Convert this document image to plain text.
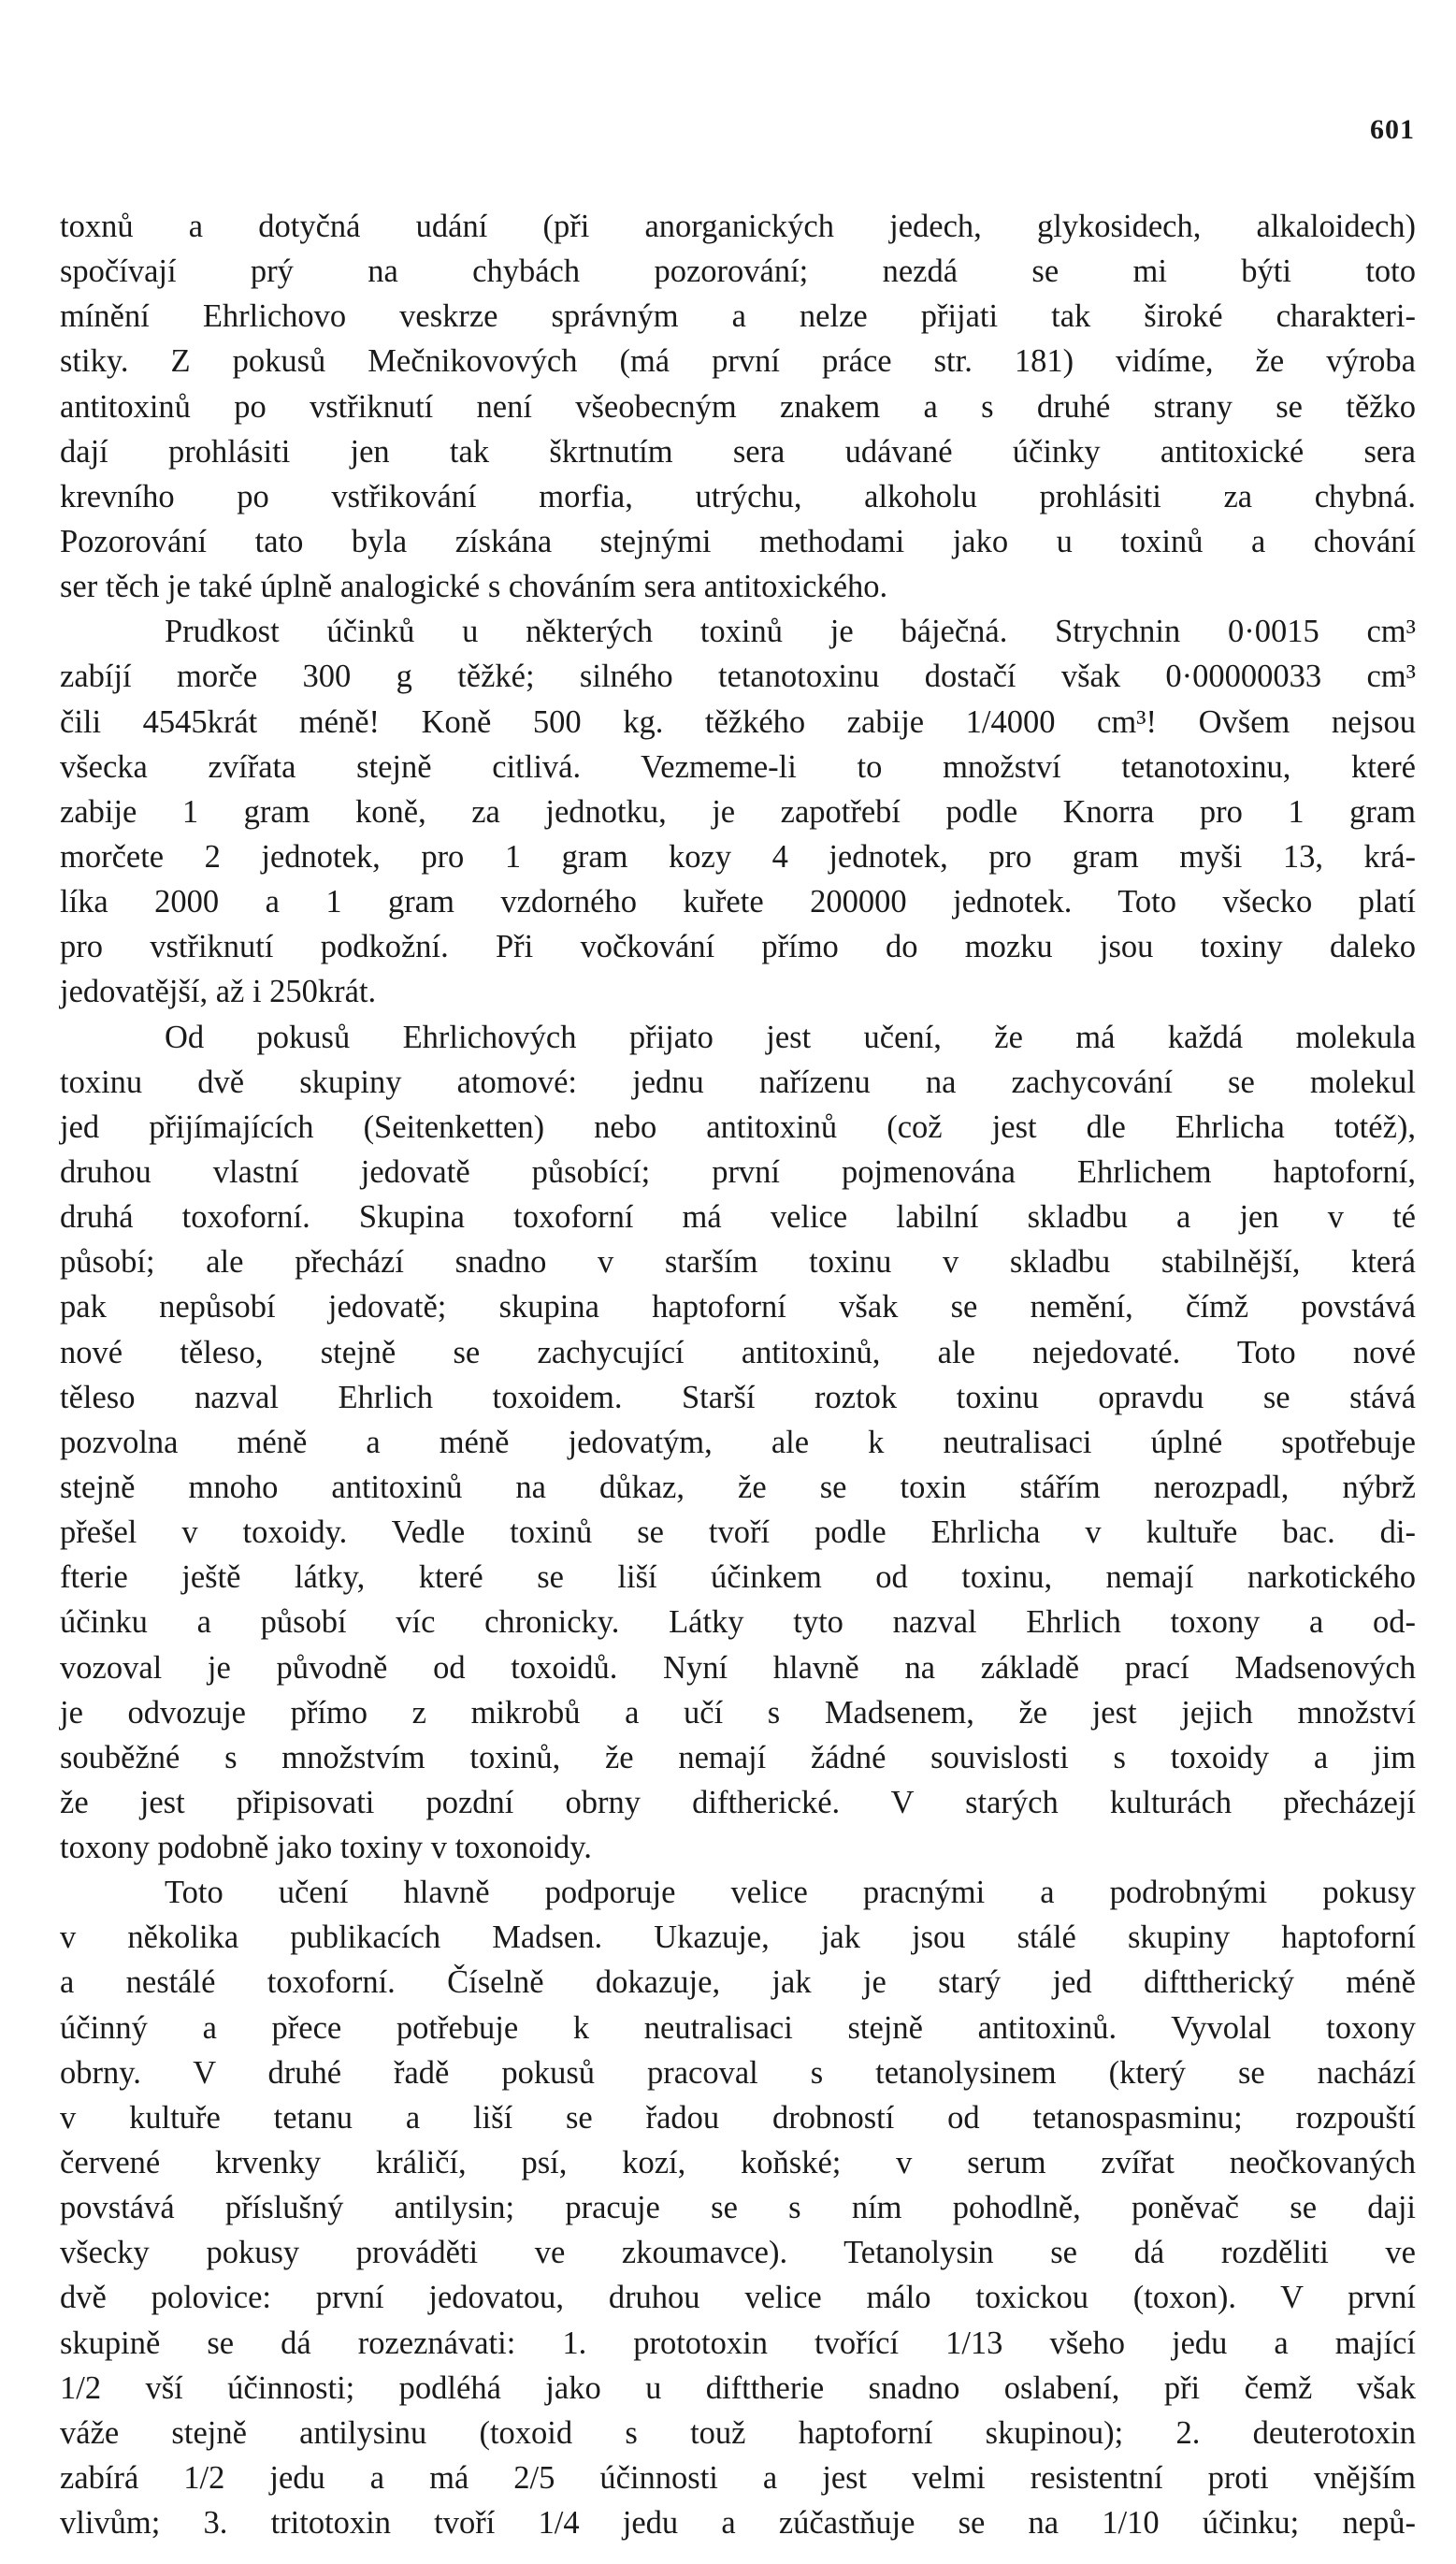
601
toxnů a dotyčná udání (při anorganických jedech, glykosidech, alkaloidech)
spočívají prý na chybách pozorování; nezdá se mi býti toto
mínění Ehrlichovo veskrze správným a nelze přijati tak široké charakteri-
stiky. Z pokusů Mečnikovových (má první práce str. 181) vidíme, že výroba
antitoxinů po vstřiknutí není všeobecným znakem a s druhé strany se těžko
dají prohlásiti jen tak škrtnutím sera udávané účinky antitoxické sera
krevního po vstřikování morfia, utrýchu, alkoholu prohlásiti za chybná.
Pozorování tato byla získána stejnými methodami jako u toxinů a chování
ser těch je také úplně analogické s chováním sera antitoxického.
Prudkost účinků u některých toxinů je báječná. Strychnin 0·0015 cm³
zabíjí morče 300 g těžké; silného tetanotoxinu dostačí však 0·00000033 cm³
čili 4545krát méně! Koně 500 kg. těžkého zabije 1/4000 cm³! Ovšem nejsou
všecka zvířata stejně citlivá. Vezmeme-li to množství tetanotoxinu, které
zabije 1 gram koně, za jednotku, je zapotřebí podle Knorra pro 1 gram
morčete 2 jednotek, pro 1 gram kozy 4 jednotek, pro gram myši 13, krá-
líka 2000 a 1 gram vzdorného kuřete 200000 jednotek. Toto všecko platí
pro vstřiknutí podkožní. Při vočkování přímo do mozku jsou toxiny daleko
jedovatější, až i 250krát.
Od pokusů Ehrlichových přijato jest učení, že má každá molekula
toxinu dvě skupiny atomové: jednu nařízenu na zachycování se molekul
jed přijímajících (Seitenketten) nebo antitoxinů (což jest dle Ehrlicha totéž),
druhou vlastní jedovatě působící; první pojmenována Ehrlichem haptoforní,
druhá toxoforní. Skupina toxoforní má velice labilní skladbu a jen v té
působí; ale přechází snadno v starším toxinu v skladbu stabilnější, která
pak nepůsobí jedovatě; skupina haptoforní však se nemění, čímž povstává
nové těleso, stejně se zachycující antitoxinů, ale nejedovaté. Toto nové
těleso nazval Ehrlich toxoidem. Starší roztok toxinu opravdu se stává
pozvolna méně a méně jedovatým, ale k neutralisaci úplné spotřebuje
stejně mnoho antitoxinů na důkaz, že se toxin stářím nerozpadl, nýbrž
přešel v toxoidy. Vedle toxinů se tvoří podle Ehrlicha v kultuře bac. di-
fterie ještě látky, které se liší účinkem od toxinu, nemají narkotického
účinku a působí víc chronicky. Látky tyto nazval Ehrlich toxony a od-
vozoval je původně od toxoidů. Nyní hlavně na základě prací Madsenových
je odvozuje přímo z mikrobů a učí s Madsenem, že jest jejich množství
souběžné s množstvím toxinů, že nemají žádné souvislosti s toxoidy a jim
že jest připisovati pozdní obrny diftherické. V starých kulturách přecházejí
toxony podobně jako toxiny v toxonoidy.
Toto učení hlavně podporuje velice pracnými a podrobnými pokusy
v několika publikacích Madsen. Ukazuje, jak jsou stálé skupiny haptoforní
a nestálé toxoforní. Číselně dokazuje, jak je starý jed difttherický méně
účinný a přece potřebuje k neutralisaci stejně antitoxinů. Vyvolal toxony
obrny. V druhé řadě pokusů pracoval s tetanolysinem (který se nachází
v kultuře tetanu a liší se řadou drobností od tetanospasminu; rozpouští
červené krvenky králičí, psí, kozí, koňské; v serum zvířat neočkovaných
povstává příslušný antilysin; pracuje se s ním pohodlně, poněvač se daji
všecky pokusy prováděti ve zkoumavce). Tetanolysin se dá rozděliti ve
dvě polovice: první jedovatou, druhou velice málo toxickou (toxon). V první
skupině se dá rozeznávati: 1. prototoxin tvořící 1/13 všeho jedu a mající
1/2 vší účinnosti; podléhá jako u difttherie snadno oslabení, při čemž však
váže stejně antilysinu (toxoid s touž haptoforní skupinou); 2. deuterotoxin
zabírá 1/2 jedu a má 2/5 účinnosti a jest velmi resistentní proti vnějším
vlivům; 3. tritotoxin tvoří 1/4 jedu a zúčastňuje se na 1/10 účinku; nepů-
